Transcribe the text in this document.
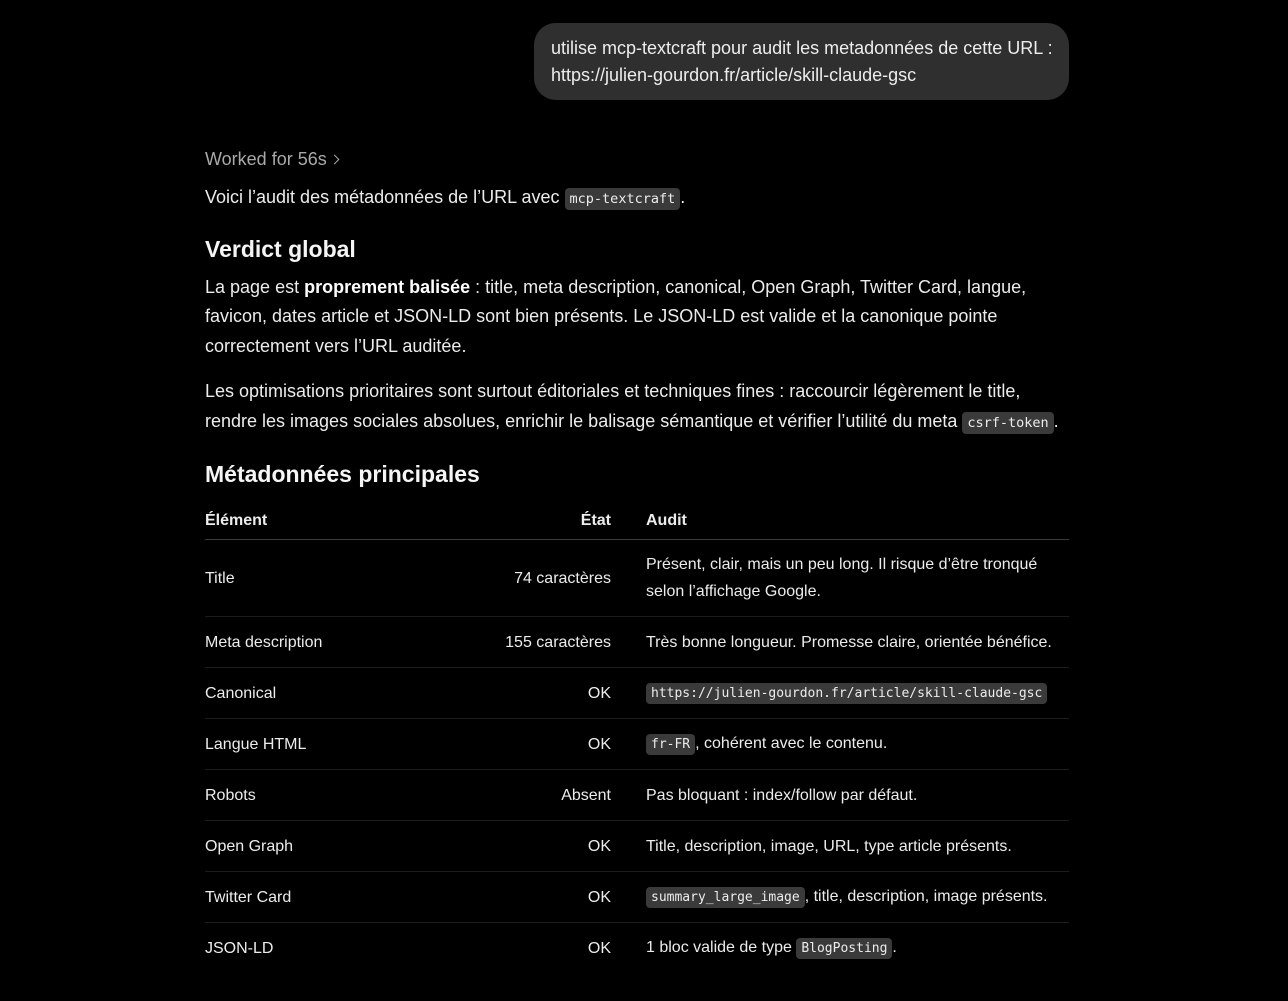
utilise mcp-textcraft pour audit les metadonnées de cette URL :
https://julien-gourdon.fr/article/skill-claude-gsc
Worked for 56s

Voici l’audit des métadonnées de l’URL avec mcp-textcraft .

Verdict global

La page est proprement balisée : title, meta description, canonical, Open Graph, Twitter Card, langue, favicon, dates article et JSON-LD sont bien présents. Le JSON-LD est valide et la canonique pointe correctement vers l’URL auditée.

Les optimisations prioritaires sont surtout éditoriales et techniques fines : raccourcir légèrement le title, rendre les images sociales absolues, enrichir le balisage sémantique et vérifier l’utilité du meta csrf-token .

Métadonnées principales
Élément	État	Audit
Title	74 caractères	Présent, clair, mais un peu long. Il risque d’être tronqué selon l’affichage Google.
Meta description	155 caractères	Très bonne longueur. Promesse claire, orientée bénéfice.
Canonical	OK	https://julien-gourdon.fr/article/skill-claude-gsc
Langue HTML	OK	fr-FR , cohérent avec le contenu.
Robots	Absent	Pas bloquant : index/follow par défaut.
Open Graph	OK	Title, description, image, URL, type article présents.
Twitter Card	OK	summary_large_image , title, description, image présents.
JSON-LD	OK	1 bloc valide de type BlogPosting .
